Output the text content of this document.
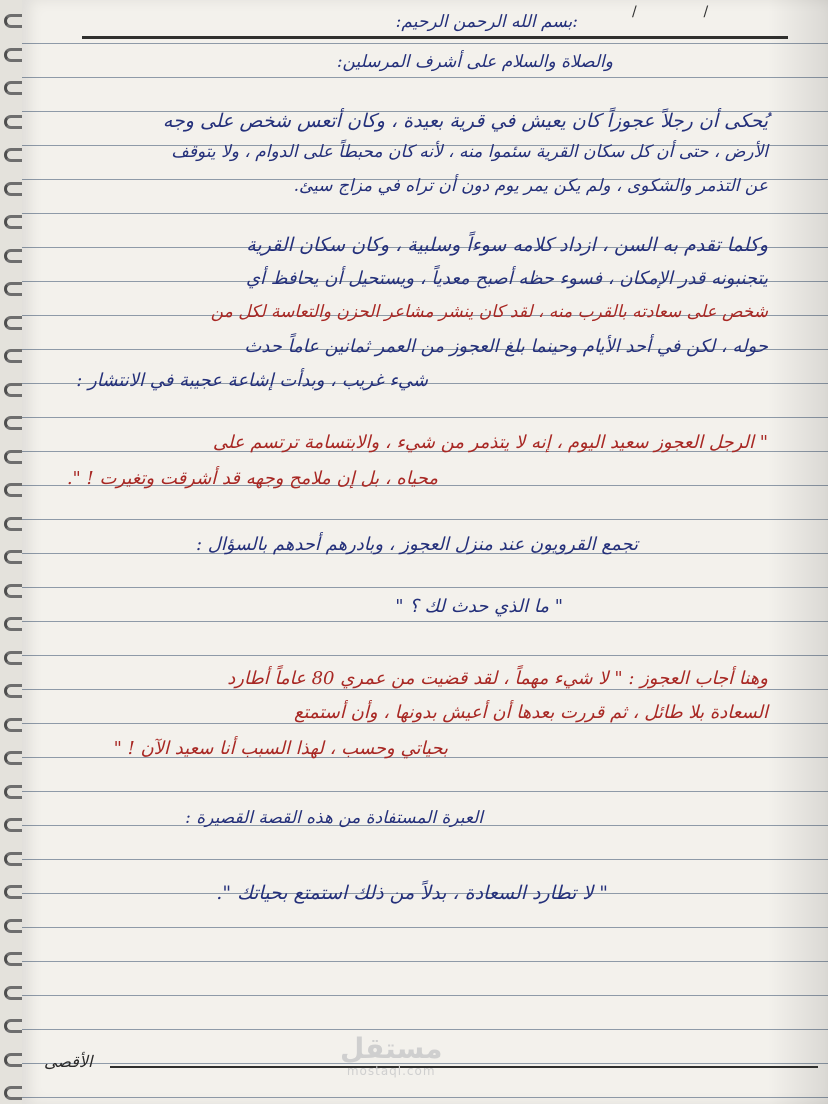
/               /
:بسم الله الرحمن الرحيم:
والصلاة والسلام على أشرف المرسلين:
يُحكى أن رجلاً عجوزاً كان يعيش في قرية بعيدة ، وكان أتعس شخص على وجه
الأرض ، حتى أن كل سكان القرية سئموا منه ، لأنه كان محبطاً على الدوام ، ولا يتوقف
عن التذمر والشكوى ، ولم يكن يمر يوم دون أن تراه في مزاج سيئ.
وكلما تقدم به السن ، ازداد كلامه سوءاً وسلبية ، وكان سكان القرية
يتجنبونه قدر الإمكان ، فسوء حظه أصبح معدياً ، ويستحيل أن يحافظ أي
شخص على سعادته بالقرب منه ، لقد كان ينشر مشاعر الحزن والتعاسة لكل من
حوله ، لكن في أحد الأيام وحينما بلغ العجوز من العمر ثمانين عاماً حدث
شيء غريب ، وبدأت إشاعة عجيبة في الانتشار :
" الرجل العجوز سعيد اليوم ، إنه لا يتذمر من شيء ، والابتسامة ترتسم على
محياه ، بل إن ملامح وجهه قد أشرقت وتغيرت ! ".
تجمع القرويون عند منزل العجوز ، وبادرهم أحدهم بالسؤال :
" ما الذي حدث لك ؟ "
وهنا أجاب العجوز : " لا شيء مهماً ، لقد قضيت من عمري 80 عاماً أطارد
السعادة بلا طائل ، ثم قررت بعدها أن أعيش بدونها ، وأن أستمتع
بحياتي وحسب ، لهذا السبب أنا سعيد الآن ! "
العبرة المستفادة من هذه القصة القصيرة :
" لا تطارد السعادة ، بدلاً من ذلك استمتع بحياتك ".
الأقصى	مستقل
mostaql.com
